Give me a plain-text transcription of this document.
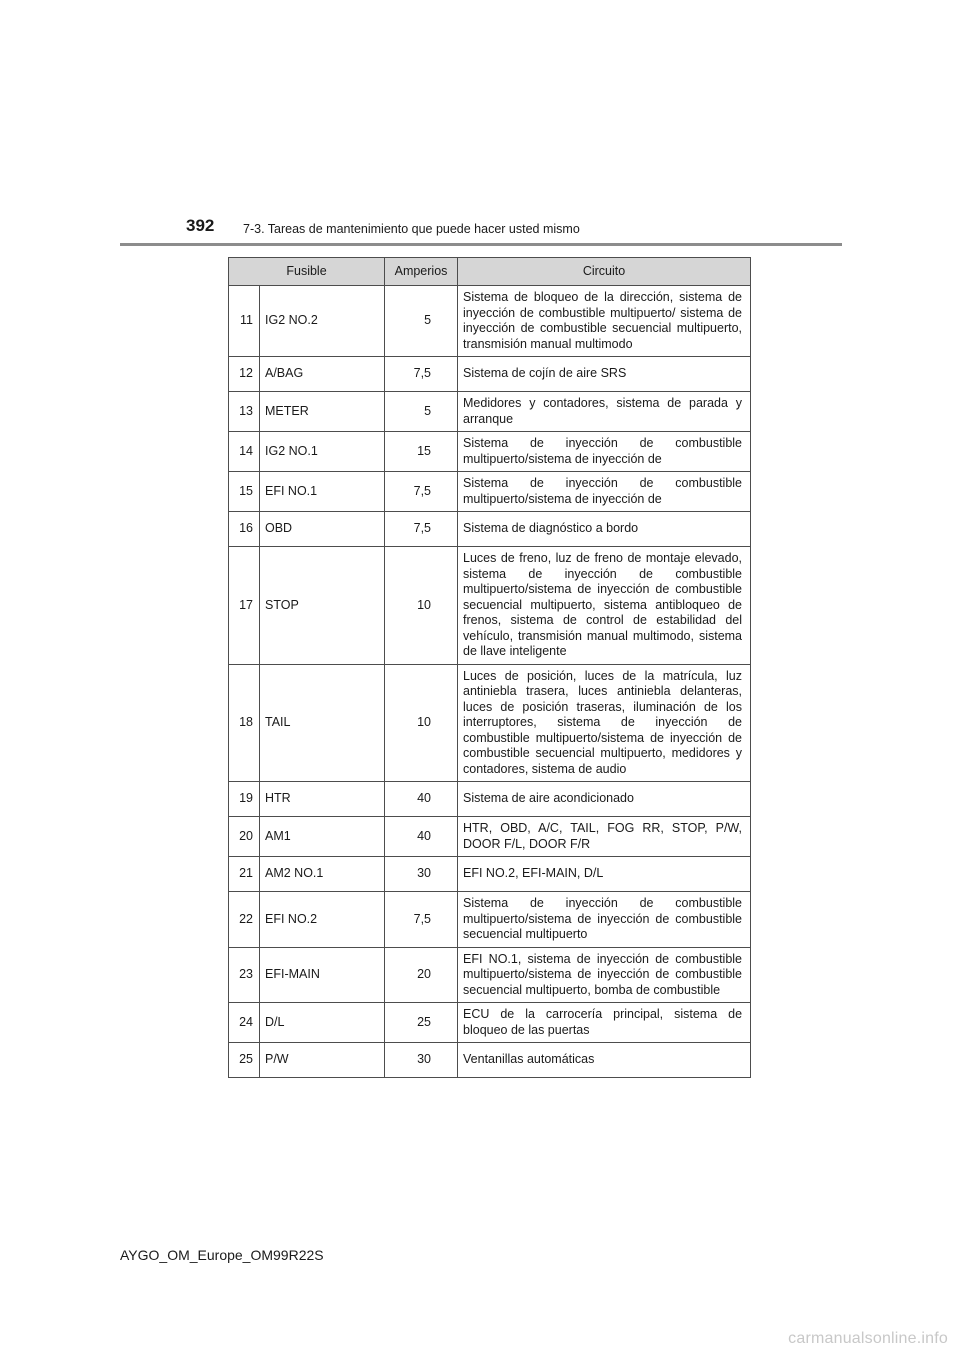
392 7-3. Tareas de mantenimiento que puede hacer usted mismo
Fusible		Amperios	Circuito
11	IG2 NO.2	5	Sistema de bloqueo de la dirección, sistema de inyección de combustible multipuerto/ sistema de inyección de combustible secuencial multipuerto, transmisión manual multimodo
12	A/BAG	7,5	Sistema de cojín de aire SRS
13	METER	5	Medidores y contadores, sistema de parada y arranque
14	IG2 NO.1	15	Sistema de inyección de combustible multipuerto/sistema de inyección de
15	EFI NO.1	7,5	Sistema de inyección de combustible multipuerto/sistema de inyección de
16	OBD	7,5	Sistema de diagnóstico a bordo
17	STOP	10	Luces de freno, luz de freno de montaje elevado, sistema de inyección de combustible multipuerto/sistema de inyección de combustible secuencial multipuerto, sistema antibloqueo de frenos, sistema de control de estabilidad del vehículo, transmisión manual multimodo, sistema de llave inteligente
18	TAIL	10	Luces de posición, luces de la matrícula, luz antiniebla trasera, luces antiniebla delanteras, luces de posición traseras, iluminación de los interruptores, sistema de inyección de combustible multipuerto/sistema de inyección de combustible secuencial multipuerto, medidores y contadores, sistema de audio
19	HTR	40	Sistema de aire acondicionado
20	AM1	40	HTR, OBD, A/C, TAIL, FOG RR, STOP, P/W, DOOR F/L, DOOR F/R
21	AM2 NO.1	30	EFI NO.2, EFI-MAIN, D/L
22	EFI NO.2	7,5	Sistema de inyección de combustible multipuerto/sistema de inyección de combustible secuencial multipuerto
23	EFI-MAIN	20	EFI NO.1, sistema de inyección de combustible multipuerto/sistema de inyección de combustible secuencial multipuerto, bomba de combustible
24	D/L	25	ECU de la carrocería principal, sistema de bloqueo de las puertas
25	P/W	30	Ventanillas automáticas
AYGO_OM_Europe_OM99R22S
carmanualsonline.info
